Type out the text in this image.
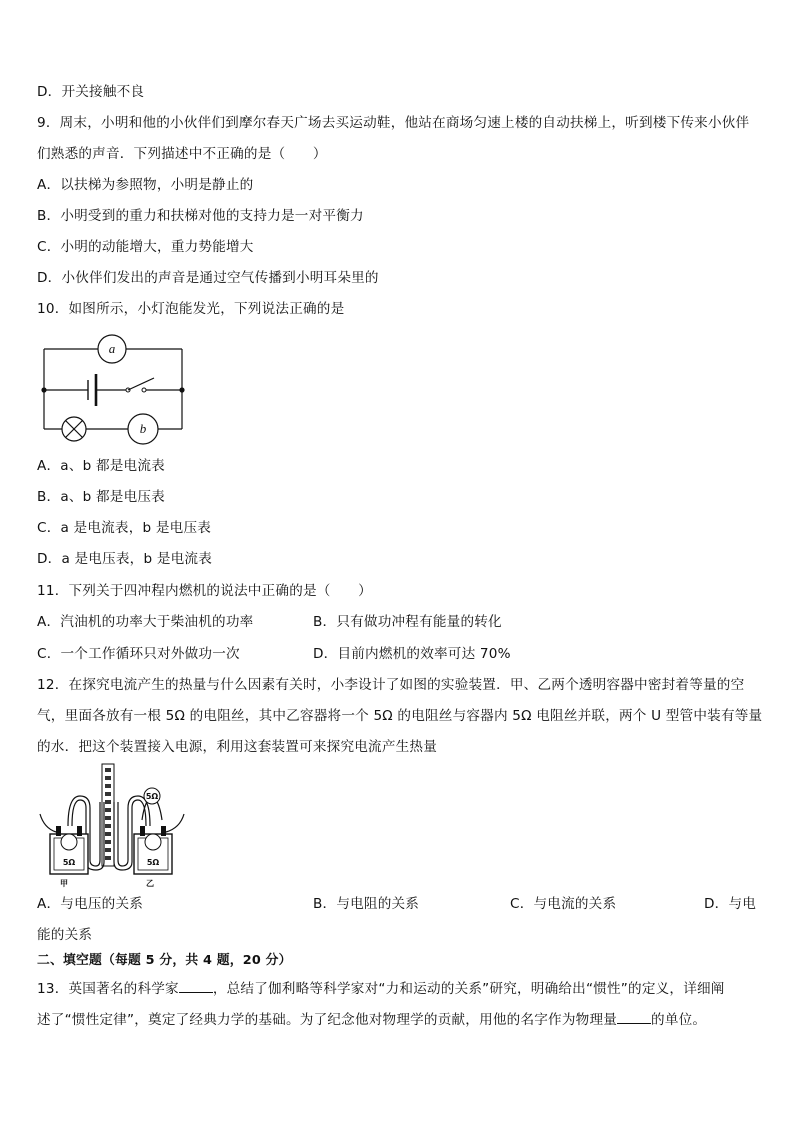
D．开关接触不良
9．周末，小明和他的小伙伴们到摩尔春天广场去买运动鞋，他站在商场匀速上楼的自动扶梯上，听到楼下传来小伙伴
们熟悉的声音．下列描述中不正确的是（　　）
A．以扶梯为参照物，小明是静止的
B．小明受到的重力和扶梯对他的支持力是一对平衡力
C．小明的动能增大，重力势能增大
D．小伙伴们发出的声音是通过空气传播到小明耳朵里的
10．如图所示，小灯泡能发光，下列说法正确的是
a
b
A．a、b 都是电流表
B．a、b 都是电压表
C．a 是电流表，b 是电压表
D．a 是电压表，b 是电流表
11．下列关于四冲程内燃机的说法中正确的是（　　）
A．汽油机的功率大于柴油机的功率	B．只有做功冲程有能量的转化
C．一个工作循环只对外做功一次	D．目前内燃机的效率可达 70%
12．在探究电流产生的热量与什么因素有关时，小李设计了如图的实验装置．甲、乙两个透明容器中密封着等量的空
气，里面各放有一根 5Ω 的电阻丝，其中乙容器将一个 5Ω 的电阻丝与容器内 5Ω 电阻丝并联，两个 U 型管中装有等量
的水．把这个装置接入电源，利用这套装置可来探究电流产生热量
5Ω
5Ω
甲
5Ω
乙
A．与电压的关系	B．与电阻的关系	C．与电流的关系	D．与电
能的关系
二、填空题（每题 5 分，共 4 题，20 分）
13．英国著名的科学家	，总结了伽利略等科学家对“力和运动的关系”研究，明确给出“惯性”的定义，详细阐
述了“惯性定律”，奠定了经典力学的基础。为了纪念他对物理学的贡献，用他的名字作为物理量	的单位。
